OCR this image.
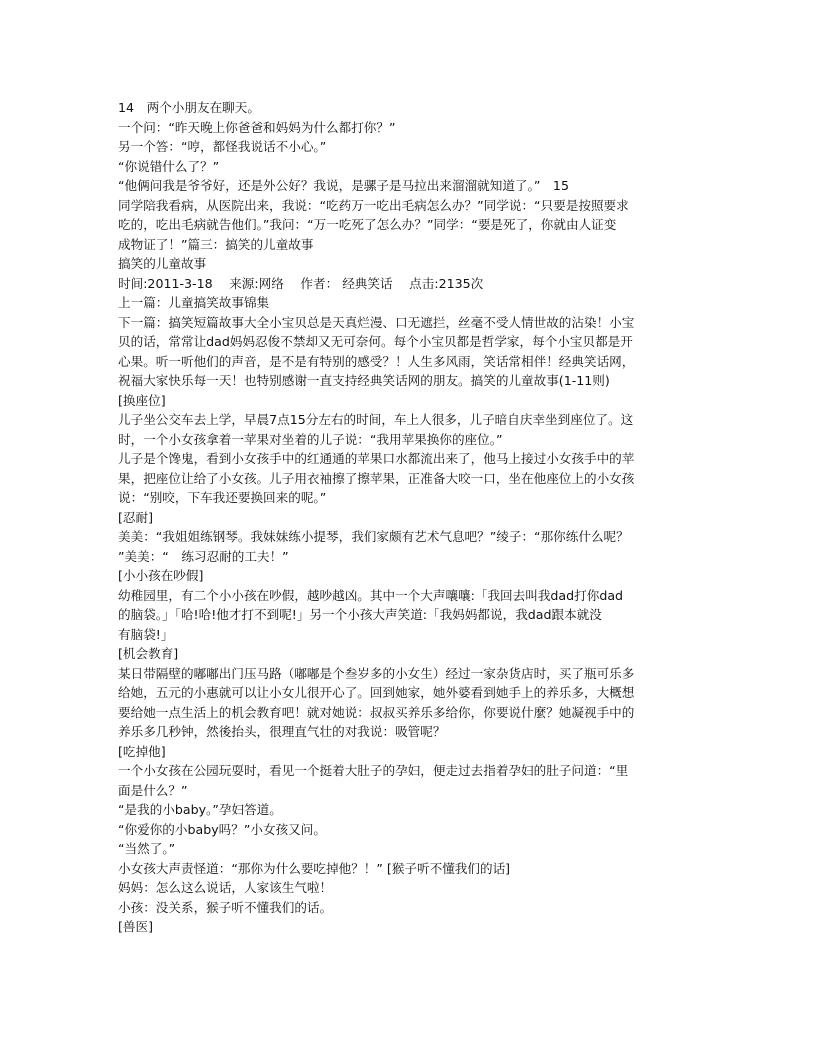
14　两个小朋友在聊天。
一个问：“昨天晚上你爸爸和妈妈为什么都打你？”
另一个答：“哼，都怪我说话不小心。”
“你说错什么了？”
“他俩问我是爷爷好，还是外公好？我说，是骡子是马拉出来溜溜就知道了。”　15
同学陪我看病，从医院出来，我说：“吃药万一吃出毛病怎么办？”同学说：“只要是按照要求
吃的，吃出毛病就告他们。”我问：“万一吃死了怎么办？”同学：“要是死了，你就由人证变
成物证了！”篇三：搞笑的儿童故事
搞笑的儿童故事
时间:2011-3-18　 来源:网络　 作者： 经典笑话　 点击:2135次
上一篇：儿童搞笑故事锦集
下一篇：搞笑短篇故事大全小宝贝总是天真烂漫、口无遮拦，丝毫不受人情世故的沾染！小宝
贝的话，常常让dad妈妈忍俊不禁却又无可奈何。每个小宝贝都是哲学家，每个小宝贝都是开
心果。听一听他们的声音，是不是有特别的感受？！人生多风雨，笑话常相伴！经典笑话网，
祝福大家快乐每一天！也特别感谢一直支持经典笑话网的朋友。搞笑的儿童故事(1-11则)
[换座位]
儿子坐公交车去上学，早晨7点15分左右的时间，车上人很多，儿子暗自庆幸坐到座位了。这
时，一个小女孩拿着一苹果对坐着的儿子说：“我用苹果换你的座位。”
儿子是个馋鬼，看到小女孩手中的红通通的苹果口水都流出来了，他马上接过小女孩手中的苹
果，把座位让给了小女孩。儿子用衣袖擦了擦苹果，正准备大咬一口，坐在他座位上的小女孩
说：“别咬，下车我还要换回来的呢。”
[忍耐]
美美：“我姐姐练钢琴。我妹妹练小提琴，我们家颇有艺术气息吧？”绫子：“那你练什么呢？
”美美：“　练习忍耐的工夫！”
[小小孩在吵假]
幼稚园里，有二个小小孩在吵假，越吵越凶。其中一个大声嚷嚷:「我回去叫我dad打你dad
的脑袋。」「哈!哈!他才打不到呢!」另一个小孩大声笑道:「我妈妈都说，我dad跟本就没
有脑袋!」
[机会教育]
某日带隔壁的嘟嘟出门压马路（嘟嘟是个叁岁多的小女生）经过一家杂货店时，买了瓶可乐多
给她，五元的小惠就可以让小女儿很开心了。回到她家，她外婆看到她手上的养乐多，大概想
要给她一点生活上的机会教育吧！就对她说：叔叔买养乐多给你，你要说什麼？她凝视手中的
养乐多几秒钟，然後抬头，很理直气壮的对我说：吸管呢？
[吃掉他]
一个小女孩在公园玩耍时，看见一个挺着大肚子的孕妇，便走过去指着孕妇的肚子问道：“里
面是什么？”
“是我的小baby。”孕妇答道。
“你爱你的小baby吗？”小女孩又问。
“当然了。”
小女孩大声责怪道：“那你为什么要吃掉他？！” [猴子听不懂我们的话]
妈妈：怎么这么说话，人家该生气啦！
小孩：没关系，猴子听不懂我们的话。
[兽医]
